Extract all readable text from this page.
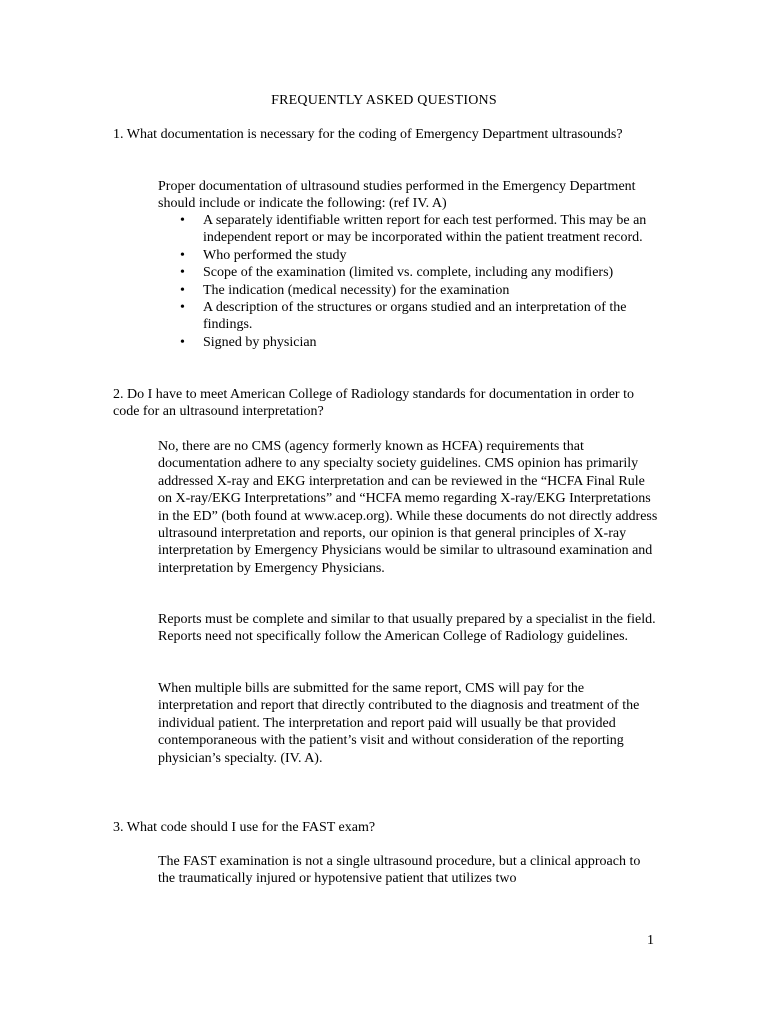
FREQUENTLY ASKED QUESTIONS

1. What documentation is necessary for the coding of Emergency Department ultrasounds?

Proper documentation of ultrasound studies performed in the Emergency Department should include or indicate the following: (ref IV. A)

• A separately identifiable written report for each test performed. This may be an independent report or may be incorporated within the patient treatment record.
• Who performed the study
• Scope of the examination (limited vs. complete, including any modifiers)
• The indication (medical necessity) for the examination
• A description of the structures or organs studied and an interpretation of the findings.
• Signed by physician

2. Do I have to meet American College of Radiology standards for documentation in order to code for an ultrasound interpretation?

No, there are no CMS (agency formerly known as HCFA) requirements that documentation adhere to any specialty society guidelines. CMS opinion has primarily addressed X-ray and EKG interpretation and can be reviewed in the “HCFA Final Rule on X-ray/EKG Interpretations” and “HCFA memo regarding X-ray/EKG Interpretations in the ED” (both found at www.acep.org). While these documents do not directly address ultrasound interpretation and reports, our opinion is that general principles of X-ray interpretation by Emergency Physicians would be similar to ultrasound examination and interpretation by Emergency Physicians.

Reports must be complete and similar to that usually prepared by a specialist in the field. Reports need not specifically follow the American College of Radiology guidelines.

When multiple bills are submitted for the same report, CMS will pay for the interpretation and report that directly contributed to the diagnosis and treatment of the individual patient. The interpretation and report paid will usually be that provided contemporaneous with the patient’s visit and without consideration of the reporting physician’s specialty. (IV. A).

3. What code should I use for the FAST exam?

The FAST examination is not a single ultrasound procedure, but a clinical approach to the traumatically injured or hypotensive patient that utilizes two

1
